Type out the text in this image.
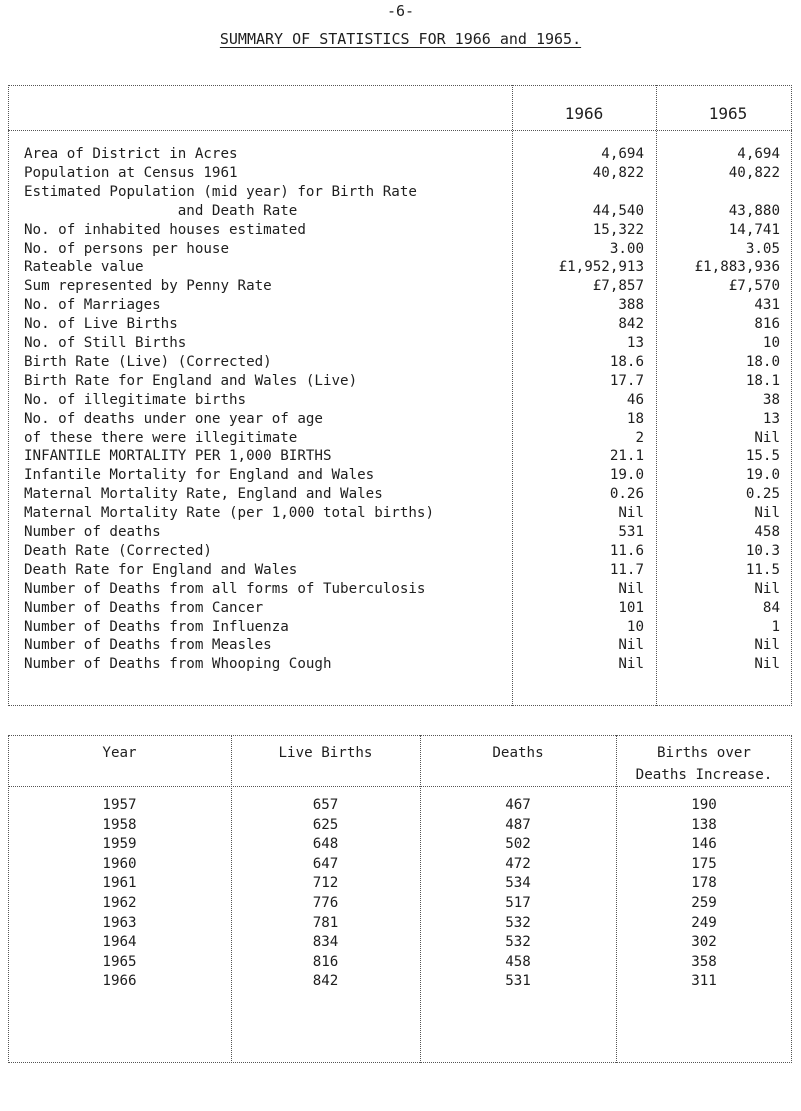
-6-
SUMMARY OF STATISTICS FOR 1966 and 1965.
1966	1965
Area of District in Acres	4,694	4,694
Population at Census 1961	40,822	40,822
Estimated Population (mid year) for Birth Rate
and Death Rate	44,540	43,880
No. of inhabited houses estimated	15,322	14,741
No. of persons per house	3.00	3.05
Rateable value	£1,952,913	£1,883,936
Sum represented by Penny Rate	£7,857	£7,570
No. of Marriages	388	431
No. of Live Births	842	816
No. of Still Births	13	10
Birth Rate (Live) (Corrected)	18.6	18.0
Birth Rate for England and Wales (Live)	17.7	18.1
No. of illegitimate births	46	38
No. of deaths under one year of age	18	13
of these there were illegitimate	2	Nil
INFANTILE MORTALITY PER 1,000 BIRTHS	21.1	15.5
Infantile Mortality for England and Wales	19.0	19.0
Maternal Mortality Rate, England and Wales	0.26	0.25
Maternal Mortality Rate (per 1,000 total births)	Nil	Nil
Number of deaths	531	458
Death Rate (Corrected)	11.6	10.3
Death Rate for England and Wales	11.7	11.5
Number of Deaths from all forms of Tuberculosis	Nil	Nil
Number of Deaths from Cancer	101	84
Number of Deaths from Influenza	10	1
Number of Deaths from Measles	Nil	Nil
Number of Deaths from Whooping Cough	Nil	Nil
Year	Live Births	Deaths	Births over
Deaths Increase.
1957	657	467	190
1958	625	487	138
1959	648	502	146
1960	647	472	175
1961	712	534	178
1962	776	517	259
1963	781	532	249
1964	834	532	302
1965	816	458	358
1966	842	531	311
